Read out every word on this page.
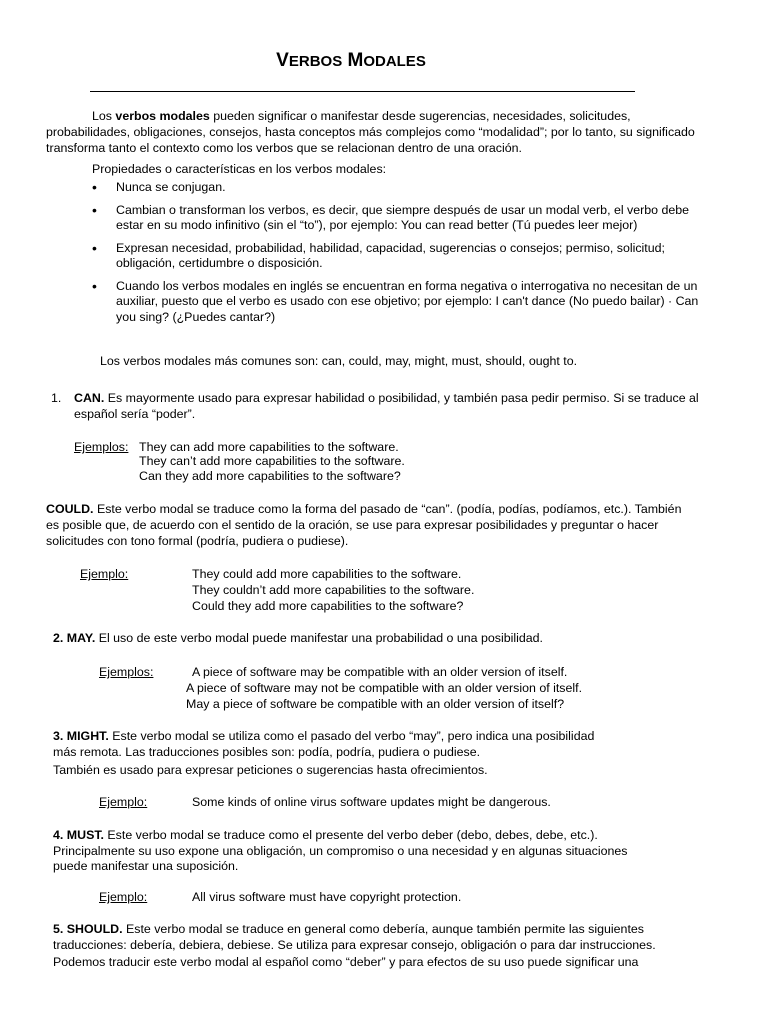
VERBOS MODALES
Los verbos modales pueden significar o manifestar desde sugerencias, necesidades, solicitudes,
probabilidades, obligaciones, consejos, hasta conceptos más complejos como “modalidad”; por lo tanto, su significado
transforma tanto el contexto como los verbos que se relacionan dentro de una oración.
Propiedades o características en los verbos modales:
• Nunca se conjugan.
• Cambian o transforman los verbos, es decir, que siempre después de usar un modal verb, el verbo debe
estar en su modo infinitivo (sin el “to”), por ejemplo: You can read better (Tú puedes leer mejor)
• Expresan necesidad, probabilidad, habilidad, capacidad, sugerencias o consejos; permiso, solicitud;
obligación, certidumbre o disposición.
• Cuando los verbos modales en inglés se encuentran en forma negativa o interrogativa no necesitan de un
auxiliar, puesto que el verbo es usado con ese objetivo; por ejemplo: I can't dance (No puedo bailar) · Can
you sing? (¿Puedes cantar?)
Los verbos modales más comunes son: can, could, may, might, must, should, ought to.
1. CAN. Es mayormente usado para expresar habilidad o posibilidad, y también pasa pedir permiso. Si se traduce al
español sería “poder”.
Ejemplos: They can add more capabilities to the software.
They can’t add more capabilities to the software.
Can they add more capabilities to the software?
COULD. Este verbo modal se traduce como la forma del pasado de “can”. (podía, podías, podíamos, etc.). También
es posible que, de acuerdo con el sentido de la oración, se use para expresar posibilidades y preguntar o hacer
solicitudes con tono formal (podría, pudiera o pudiese).
Ejemplo:	They could add more capabilities to the software.
They couldn’t add more capabilities to the software.
Could they add more capabilities to the software?
2. MAY. El uso de este verbo modal puede manifestar una probabilidad o una posibilidad.
Ejemplos:	A piece of software may be compatible with an older version of itself.
A piece of software may not be compatible with an older version of itself.
May a piece of software be compatible with an older version of itself?
3. MIGHT. Este verbo modal se utiliza como el pasado del verbo “may”, pero indica una posibilidad
más remota. Las traducciones posibles son: podía, podría, pudiera o pudiese.
También es usado para expresar peticiones o sugerencias hasta ofrecimientos.
Ejemplo:	Some kinds of online virus software updates might be dangerous.
4. MUST. Este verbo modal se traduce como el presente del verbo deber (debo, debes, debe, etc.).
Principalmente su uso expone una obligación, un compromiso o una necesidad y en algunas situaciones
puede manifestar una suposición.
Ejemplo:	All virus software must have copyright protection.
5. SHOULD. Este verbo modal se traduce en general como debería, aunque también permite las siguientes
traducciones: debería, debiera, debiese. Se utiliza para expresar consejo, obligación o para dar instrucciones.
Podemos traducir este verbo modal al español como “deber” y para efectos de su uso puede significar una
